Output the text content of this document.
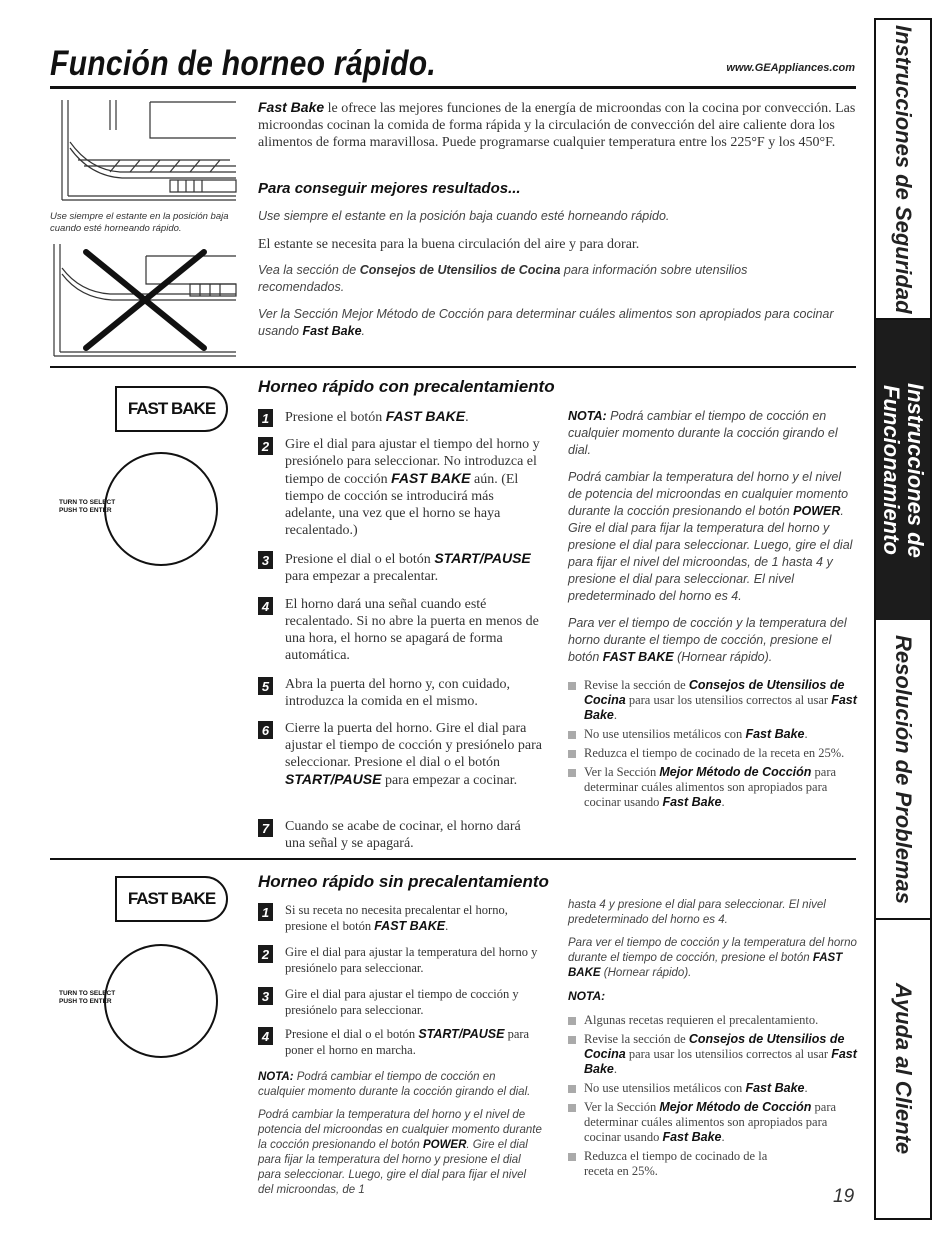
Función de horneo rápido.	www.GEAppliances.com Instrucciones de Seguridad
Instrucciones de Funcionamiento
Resolución de Problemas
Ayuda al Cliente
Use siempre el estante en la posición baja cuando esté horneando rápido.

Fast Bake le ofrece las mejores funciones de la energía de microondas con la cocina por convección. Las microondas cocinan la comida de forma rápida y la circulación de convección del aire caliente dora los alimentos de forma maravillosa. Puede programarse cualquier temperatura entre los 225°F y los 450°F.

Para conseguir mejores resultados...

Use siempre el estante en la posición baja cuando esté horneando rápido.

El estante se necesita para la buena circulación del aire y para dorar.

Vea la sección de Consejos de Utensilios de Cocina para información sobre utensilios recomendados.

Ver la Sección Mejor Método de Cocción para determinar cuáles alimentos son apropiados para cocinar usando Fast Bake.

FAST BAKE
TURN TO SELECT
PUSH TO ENTER
Horneo rápido con precalentamiento
1 Presione el botón FAST BAKE.
2 Gire el dial para ajustar el tiempo del horno y presiónelo para seleccionar. No introduzca el tiempo de cocción FAST BAKE aún. (El tiempo de cocción se introducirá más adelante, una vez que el horno se haya recalentado.)
3 Presione el dial o el botón START/PAUSE para empezar a precalentar.
4 El horno dará una señal cuando esté recalentado. Si no abre la puerta en menos de una hora, el horno se apagará de forma automática.
5 Abra la puerta del horno y, con cuidado, introduzca la comida en el mismo.
6 Cierre la puerta del horno. Gire el dial para ajustar el tiempo de cocción y presiónelo para seleccionar. Presione el dial o el botón START/PAUSE para empezar a cocinar.
7 Cuando se acabe de cocinar, el horno dará una señal y se apagará.
NOTA: Podrá cambiar el tiempo de cocción en cualquier momento durante la cocción girando el dial.
Podrá cambiar la temperatura del horno y el nivel de potencia del microondas en cualquier momento durante la cocción presionando el botón POWER. Gire el dial para fijar la temperatura del horno y presione el dial para seleccionar. Luego, gire el dial para fijar el nivel del microondas, de 1 hasta 4 y presione el dial para seleccionar. El nivel predeterminado del horno es 4.
Para ver el tiempo de cocción y la temperatura del horno durante el tiempo de cocción, presione el botón FAST BAKE (Hornear rápido).
Revise la sección de Consejos de Utensilios de Cocina para usar los utensilios correctos al usar Fast Bake.
No use utensilios metálicos con Fast Bake.
Reduzca el tiempo de cocinado de la receta en 25%.
Ver la Sección Mejor Método de Cocción para determinar cuáles alimentos son apropiados para cocinar usando Fast Bake.
FAST BAKE
TURN TO SELECT
PUSH TO ENTER
Horneo rápido sin precalentamiento
1	Si su receta no necesita precalentar el horno, presione el botón FAST BAKE.
2	Gire el dial para ajustar la temperatura del horno y presiónelo para seleccionar.
3	Gire el dial para ajustar el tiempo de cocción y presiónelo para seleccionar.
4	Presione el dial o el botón START/PAUSE para poner el horno en marcha.
NOTA: Podrá cambiar el tiempo de cocción en cualquier momento durante la cocción girando el dial.
Podrá cambiar la temperatura del horno y el nivel de potencia del microondas en cualquier momento durante la cocción presionando el botón POWER. Gire el dial para fijar la temperatura del horno y presione el dial para seleccionar. Luego, gire el dial para fijar el nivel del microondas, de 1
hasta 4 y presione el dial para seleccionar. El nivel predeterminado del horno es 4.
Para ver el tiempo de cocción y la temperatura del horno durante el tiempo de cocción, presione el botón FAST BAKE (Hornear rápido).
NOTA:
Algunas recetas requieren el precalentamiento.
Revise la sección de Consejos de Utensilios de Cocina para usar los utensilios correctos al usar Fast Bake.
No use utensilios metálicos con Fast Bake.
Ver la Sección Mejor Método de Cocción para determinar cuáles alimentos son apropiados para cocinar usando Fast Bake.
Reduzca el tiempo de cocinado de la receta en 25%.
19
